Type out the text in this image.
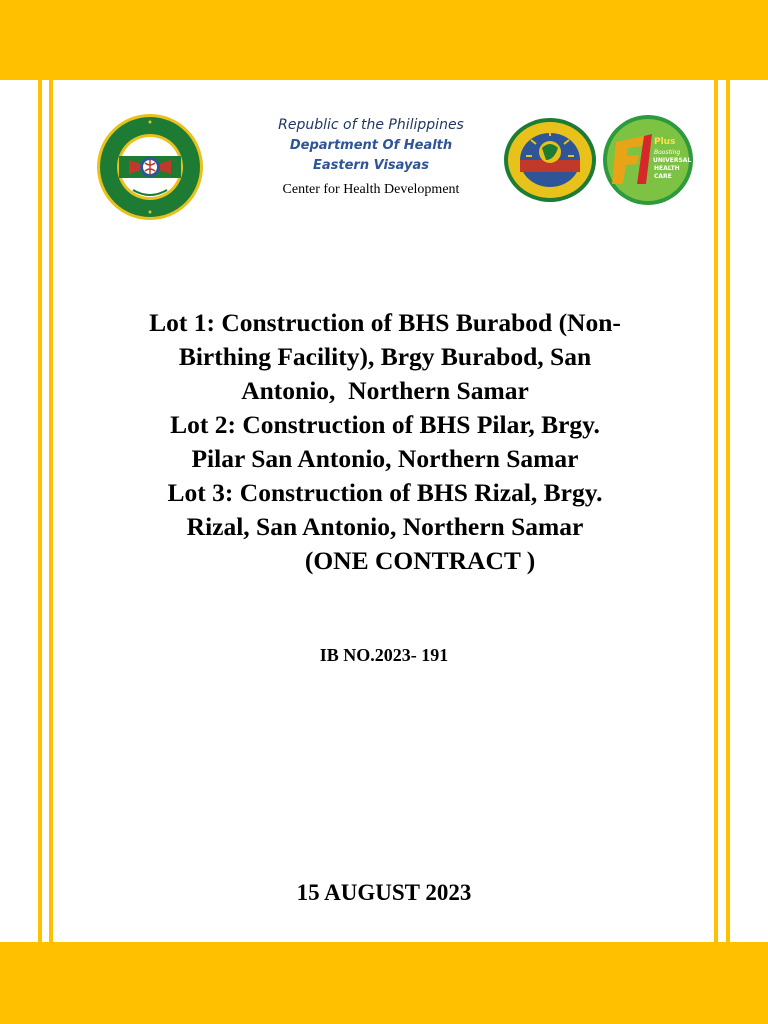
Republic of the Philippines
Department Of Health
Eastern Visayas
Center for Health Development
Plus
Boosting
UNIVERSAL
HEALTH
CARE
Lot 1: Construction of BHS Burabod (Non-
Birthing Facility), Brgy Burabod, San
Antonio,  Northern Samar
Lot 2: Construction of BHS Pilar, Brgy.
Pilar San Antonio, Northern Samar
Lot 3: Construction of BHS Rizal, Brgy.
Rizal, San Antonio, Northern Samar
(ONE CONTRACT )
IB NO.2023- 191
15 AUGUST 2023
